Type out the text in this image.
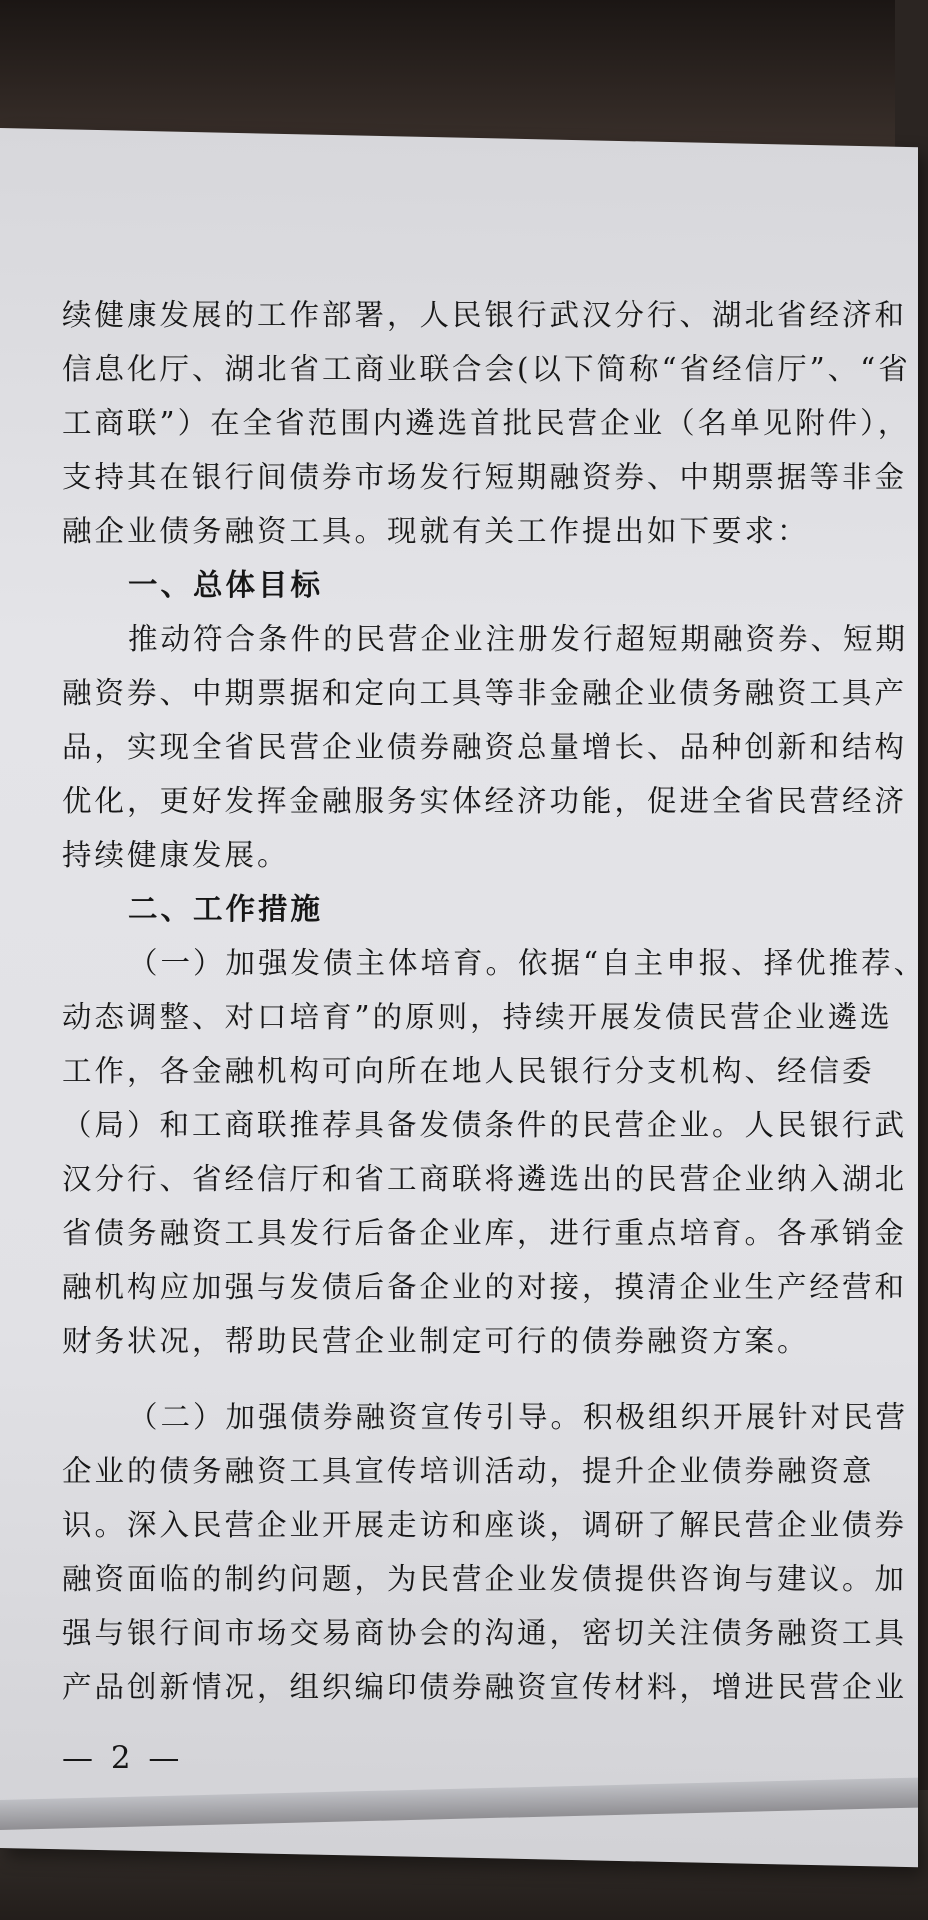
续健康发展的工作部署，人民银行武汉分行、湖北省经济和
信息化厅、湖北省工商业联合会(以下简称“省经信厅”、“省
工商联”）在全省范围内遴选首批民营企业（名单见附件），
支持其在银行间债券市场发行短期融资券、中期票据等非金
融企业债务融资工具。现就有关工作提出如下要求：
一、总体目标
推动符合条件的民营企业注册发行超短期融资券、短期
融资券、中期票据和定向工具等非金融企业债务融资工具产
品，实现全省民营企业债券融资总量增长、品种创新和结构
优化，更好发挥金融服务实体经济功能，促进全省民营经济
持续健康发展。
二、工作措施
（一）加强发债主体培育。依据“自主申报、择优推荐、
动态调整、对口培育”的原则，持续开展发债民营企业遴选
工作，各金融机构可向所在地人民银行分支机构、经信委
（局）和工商联推荐具备发债条件的民营企业。人民银行武
汉分行、省经信厅和省工商联将遴选出的民营企业纳入湖北
省债务融资工具发行后备企业库，进行重点培育。各承销金
融机构应加强与发债后备企业的对接，摸清企业生产经营和
财务状况，帮助民营企业制定可行的债券融资方案。
（二）加强债券融资宣传引导。积极组织开展针对民营
企业的债务融资工具宣传培训活动，提升企业债券融资意
识。深入民营企业开展走访和座谈，调研了解民营企业债券
融资面临的制约问题，为民营企业发债提供咨询与建议。加
强与银行间市场交易商协会的沟通，密切关注债务融资工具
产品创新情况，组织编印债券融资宣传材料，增进民营企业
— 2 —
